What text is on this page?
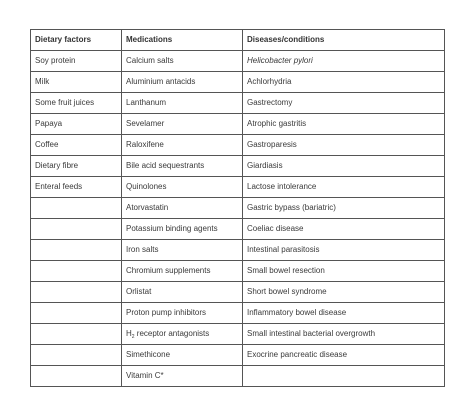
Dietary factors	Medications	Diseases/conditions
Soy protein	Calcium salts	Helicobacter pylori
Milk	Aluminium antacids	Achlorhydria
Some fruit juices	Lanthanum	Gastrectomy
Papaya	Sevelamer	Atrophic gastritis
Coffee	Raloxifene	Gastroparesis
Dietary fibre	Bile acid sequestrants	Giardiasis
Enteral feeds	Quinolones	Lactose intolerance
	Atorvastatin	Gastric bypass (bariatric)
	Potassium binding agents	Coeliac disease
	Iron salts	Intestinal parasitosis
	Chromium supplements	Small bowel resection
	Orlistat	Short bowel syndrome
	Proton pump inhibitors	Inflammatory bowel disease
	$H_2$ receptor antagonists	Small intestinal bacterial overgrowth
	Simethicone	Exocrine pancreatic disease
	Vitamin C*	
